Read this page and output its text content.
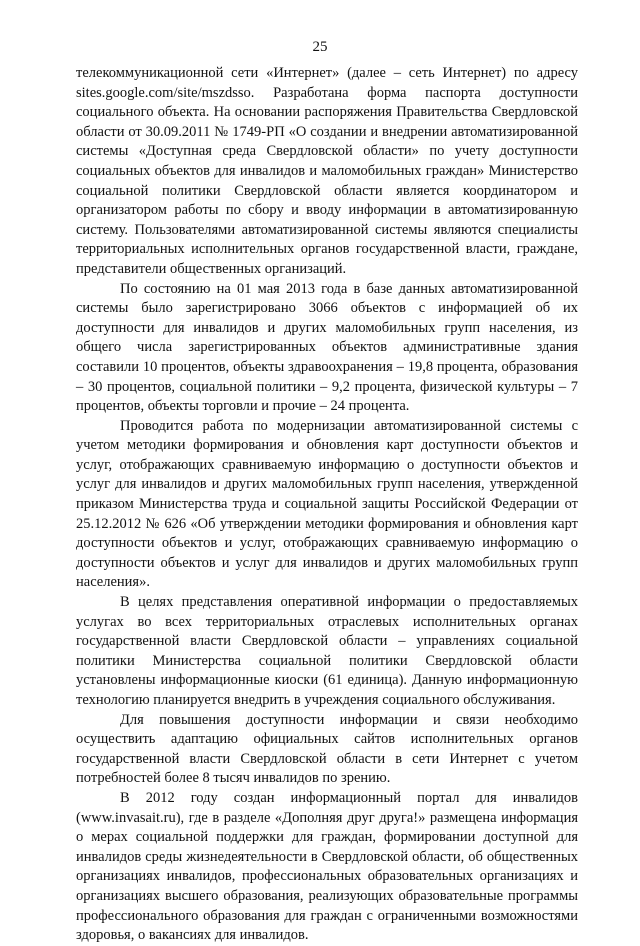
25

телекоммуникационной сети «Интернет» (далее – сеть Интернет) по адресу sites.google.com/site/mszdsso. Разработана форма паспорта доступности социального объекта. На основании распоряжения Правительства Свердловской области от 30.09.2011 № 1749-РП «О создании и внедрении автоматизированной системы «Доступная среда Свердловской области» по учету доступности социальных объектов для инвалидов и маломобильных граждан» Министерство социальной политики Свердловской области является координатором и организатором работы по сбору и вводу информации в автоматизированную систему. Пользователями автоматизированной системы являются специалисты территориальных исполнительных органов государственной власти, граждане, представители общественных организаций.

По состоянию на 01 мая 2013 года в базе данных автоматизированной системы было зарегистрировано 3066 объектов с информацией об их доступности для инвалидов и других маломобильных групп населения, из общего числа зарегистрированных объектов административные здания составили 10 процентов, объекты здравоохранения – 19,8 процента, образования – 30 процентов, социальной политики – 9,2 процента, физической культуры – 7 процентов, объекты торговли и прочие – 24 процента.

Проводится работа по модернизации автоматизированной системы с учетом методики формирования и обновления карт доступности объектов и услуг, отображающих сравниваемую информацию о доступности объектов и услуг для инвалидов и других маломобильных групп населения, утвержденной приказом Министерства труда и социальной защиты Российской Федерации от 25.12.2012 № 626 «Об утверждении методики формирования и обновления карт доступности объектов и услуг, отображающих сравниваемую информацию о доступности объектов и услуг для инвалидов и других маломобильных групп населения».

В целях представления оперативной информации о предоставляемых услугах во всех территориальных отраслевых исполнительных органах государственной власти Свердловской области – управлениях социальной политики Министерства социальной политики Свердловской области установлены информационные киоски (61 единица). Данную информационную технологию планируется внедрить в учреждения социального обслуживания.

Для повышения доступности информации и связи необходимо осуществить адаптацию официальных сайтов исполнительных органов государственной власти Свердловской области в сети Интернет с учетом потребностей более 8 тысяч инвалидов по зрению.

В 2012 году создан информационный портал для инвалидов (www.invasait.ru), где в разделе «Дополняя друг друга!» размещена информация о мерах социальной поддержки для граждан, формировании доступной для инвалидов среды жизнедеятельности в Свердловской области, об общественных организациях инвалидов, профессиональных образовательных организациях и организациях высшего образования, реализующих образовательные программы профессионального образования для граждан с ограниченными возможностями здоровья, о вакансиях для инвалидов.
